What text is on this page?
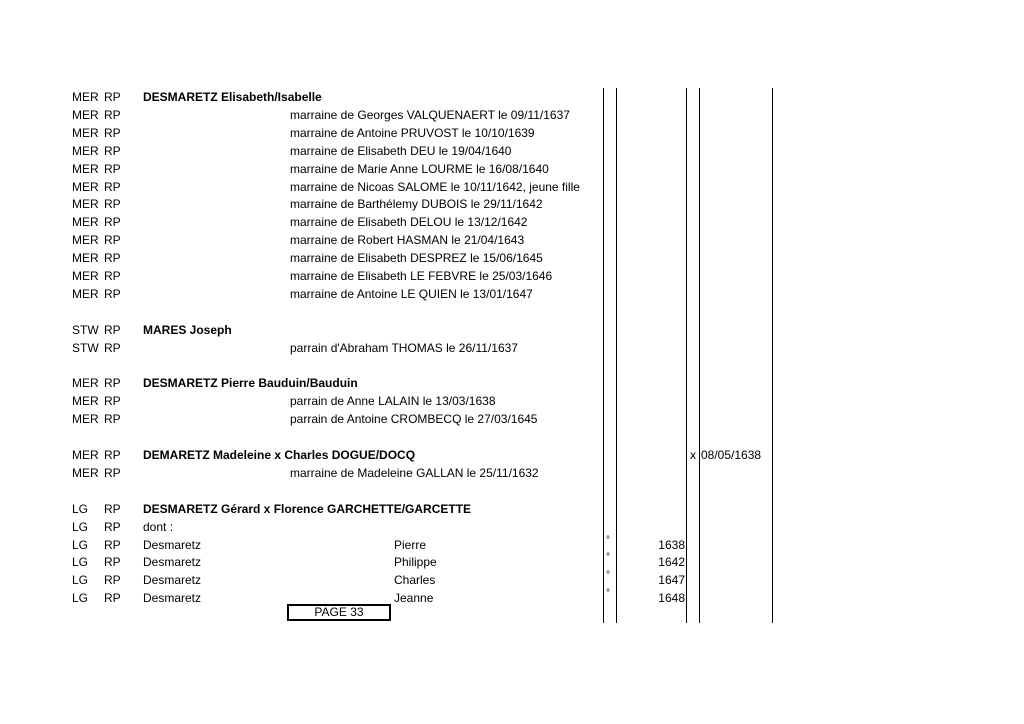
MER RP DESMARETZ Elisabeth/Isabelle
MER RP	marraine de Georges VALQUENAERT le 09/11/1637
MER RP	marraine de Antoine PRUVOST le 10/10/1639
MER RP	marraine de Elisabeth DEU le 19/04/1640
MER RP	marraine de Marie Anne LOURME le 16/08/1640
MER RP	marraine de Nicoas SALOME le 10/11/1642, jeune fille
MER RP	marraine de Barthélemy DUBOIS le 29/11/1642
MER RP	marraine de Elisabeth DELOU le 13/12/1642
MER RP	marraine de Robert HASMAN le 21/04/1643
MER RP	marraine de Elisabeth DESPREZ le 15/06/1645
MER RP	marraine de Elisabeth LE FEBVRE le 25/03/1646
MER RP	marraine de Antoine LE QUIEN le 13/01/1647
STW RP MARES Joseph
STW RP	parrain d'Abraham THOMAS le 26/11/1637
MER RP DESMARETZ Pierre Bauduin/Bauduin
MER RP	parrain de Anne LALAIN le 13/03/1638
MER RP	parrain de Antoine CROMBECQ le 27/03/1645
MER RP DEMARETZ Madeleine x Charles DOGUE/DOCQ	x 08/05/1638
MER RP	marraine de Madeleine GALLAN le 25/11/1632
LG RP DESMARETZ Gérard x Florence GARCHETTE/GARCETTE
LG RP dont :
LG RP Desmaretz	Pierre	°	1638
LG RP Desmaretz	Philippe	°	1642
LG RP Desmaretz	Charles	°	1647
LG RP Desmaretz	Jeanne	°	1648
PAGE 33
